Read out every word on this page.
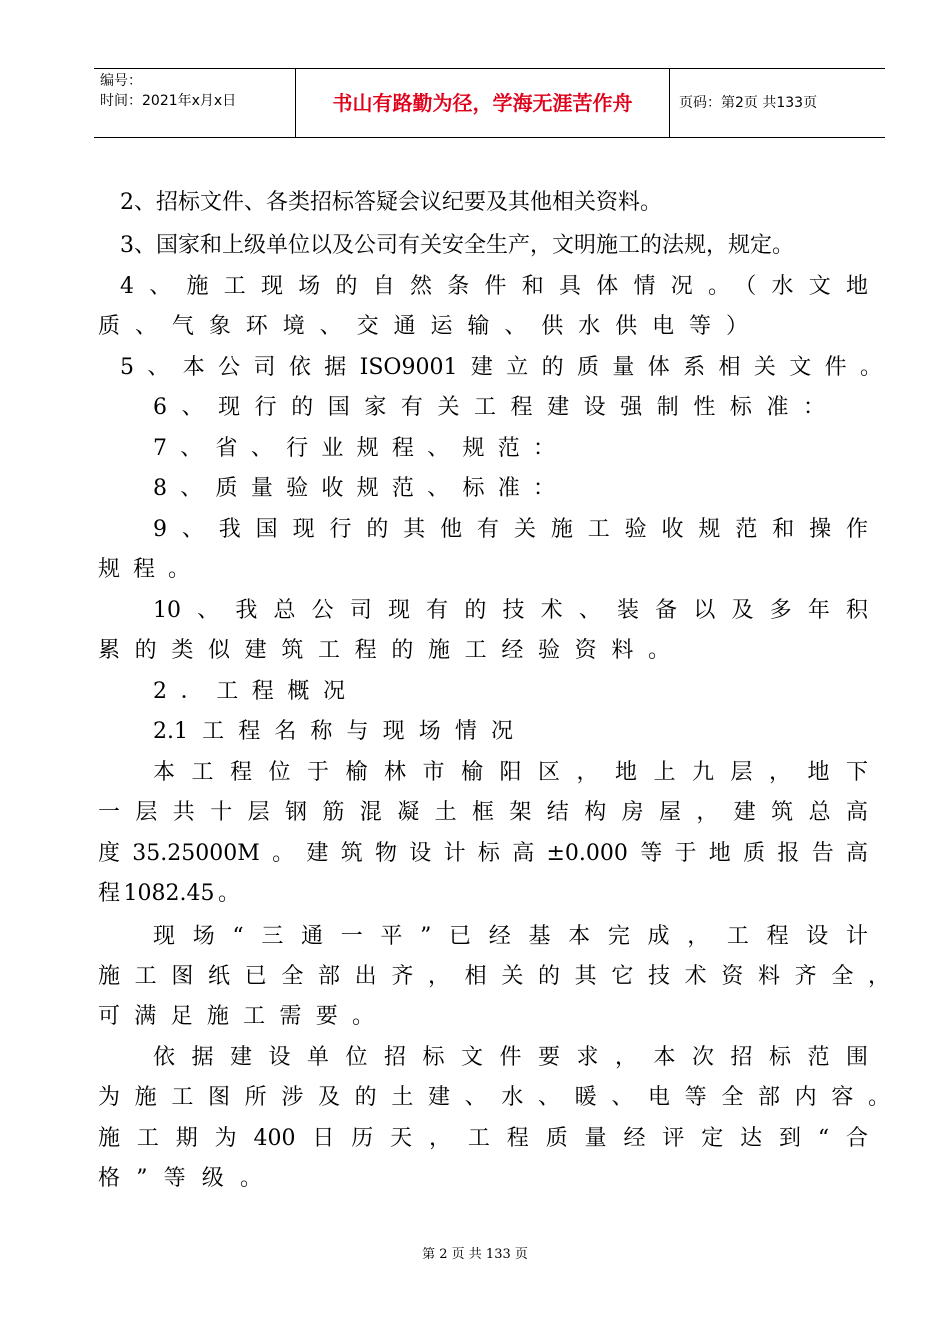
编号：
时间：2021年x月x日	书山有路勤为径，学海无涯苦作舟	页码：第2页 共133页
2、招标文件、各类招标答疑会议纪要及其他相关资料。
3、国家和上级单位以及公司有关安全生产，文明施工的法规，规定。
4、施工现场的自然条件和具体情况。（水文地
质、气象环境、交通运输、供水供电等）
5、本公司依据ISO9001建立的质量体系相关文件。
6、现行的国家有关工程建设强制性标准：
7、省、行业规程、规范：
8、质量验收规范、标准：
9、我国现行的其他有关施工验收规范和操作
规程。
10、我总公司现有的技术、装备以及多年积
累的类似建筑工程的施工经验资料。
2．工程概况
2.1工程名称与现场情况
本工程位于榆林市榆阳区，地上九层，地下
一层共十层钢筋混凝土框架结构房屋，建筑总高
度35.25000M。建筑物设计标高±0.000等于地质报告高
程1082.45。
现场“三通一平”已经基本完成，工程设计
施工图纸已全部出齐，相关的其它技术资料齐全，
可满足施工需要。
依据建设单位招标文件要求，本次招标范围
为施工图所涉及的土建、水、暖、电等全部内容。
施工期为400日历天，工程质量经评定达到“合
格”等级。
第 2 页 共 133 页
